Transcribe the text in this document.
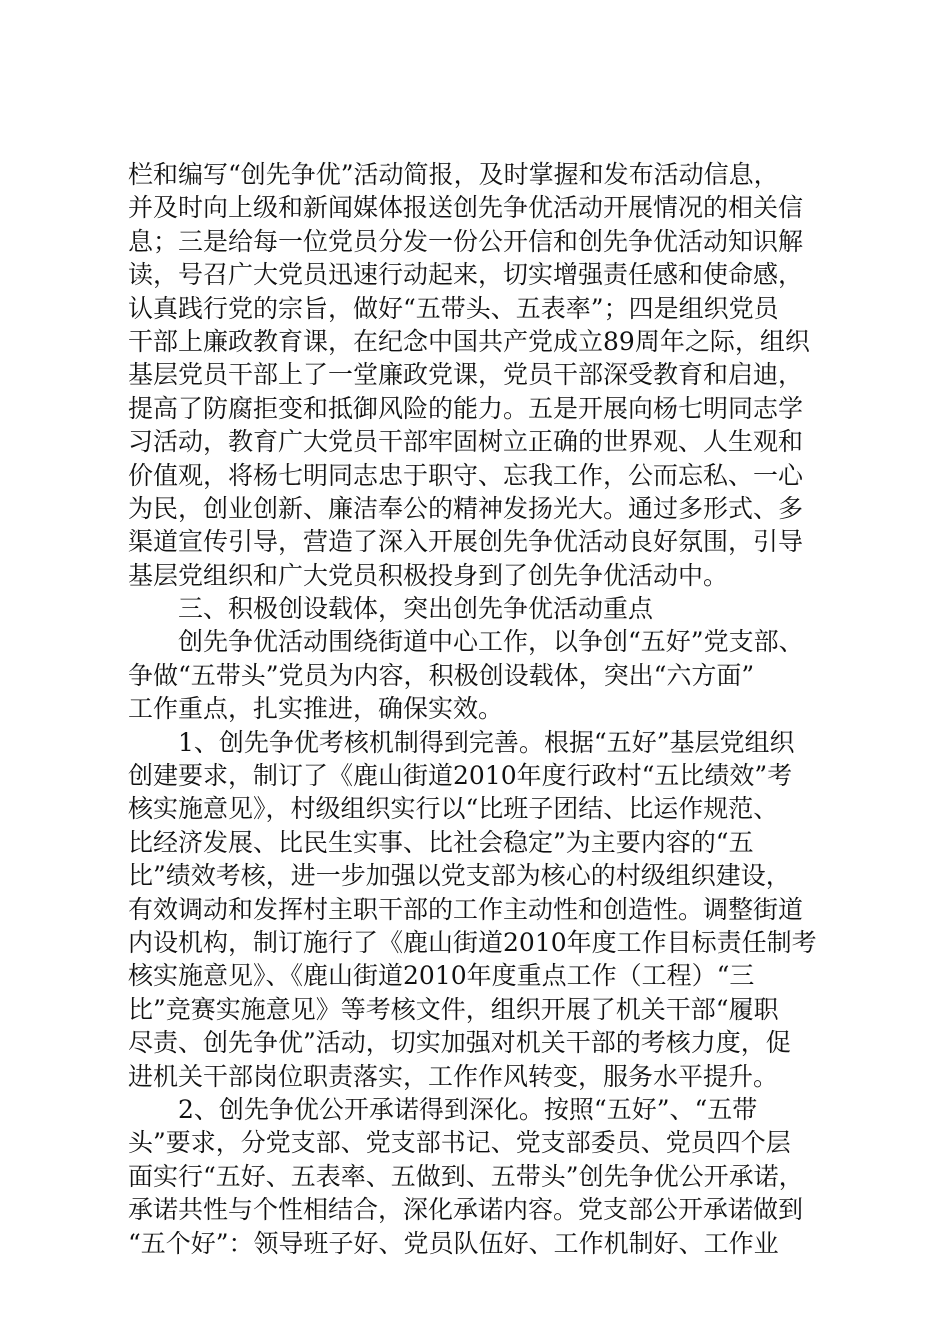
栏和编写“创先争优”活动简报，及时掌握和发布活动信息，
并及时向上级和新闻媒体报送创先争优活动开展情况的相关信
息；三是给每一位党员分发一份公开信和创先争优活动知识解
读，号召广大党员迅速行动起来，切实增强责任感和使命感，
认真践行党的宗旨，做好“五带头、五表率”；四是组织党员
干部上廉政教育课，在纪念中国共产党成立89周年之际，组织
基层党员干部上了一堂廉政党课，党员干部深受教育和启迪，
提高了防腐拒变和抵御风险的能力。五是开展向杨七明同志学
习活动，教育广大党员干部牢固树立正确的世界观、人生观和
价值观，将杨七明同志忠于职守、忘我工作，公而忘私、一心
为民，创业创新、廉洁奉公的精神发扬光大。通过多形式、多
渠道宣传引导，营造了深入开展创先争优活动良好氛围，引导
基层党组织和广大党员积极投身到了创先争优活动中。
　　三、积极创设载体，突出创先争优活动重点
　　创先争优活动围绕街道中心工作，以争创“五好”党支部、
争做“五带头”党员为内容，积极创设载体，突出“六方面”
工作重点，扎实推进，确保实效。
　　1、创先争优考核机制得到完善。根据“五好”基层党组织
创建要求，制订了《鹿山街道2010年度行政村“五比绩效”考
核实施意见》，村级组织实行以“比班子团结、比运作规范、
比经济发展、比民生实事、比社会稳定”为主要内容的“五
比”绩效考核，进一步加强以党支部为核心的村级组织建设，
有效调动和发挥村主职干部的工作主动性和创造性。调整街道
内设机构，制订施行了《鹿山街道2010年度工作目标责任制考
核实施意见》、《鹿山街道2010年度重点工作（工程）“三
比”竞赛实施意见》等考核文件，组织开展了机关干部“履职
尽责、创先争优”活动，切实加强对机关干部的考核力度，促
进机关干部岗位职责落实，工作作风转变，服务水平提升。
　　2、创先争优公开承诺得到深化。按照“五好”、“五带
头”要求，分党支部、党支部书记、党支部委员、党员四个层
面实行“五好、五表率、五做到、五带头”创先争优公开承诺，
承诺共性与个性相结合，深化承诺内容。党支部公开承诺做到
“五个好”：领导班子好、党员队伍好、工作机制好、工作业
